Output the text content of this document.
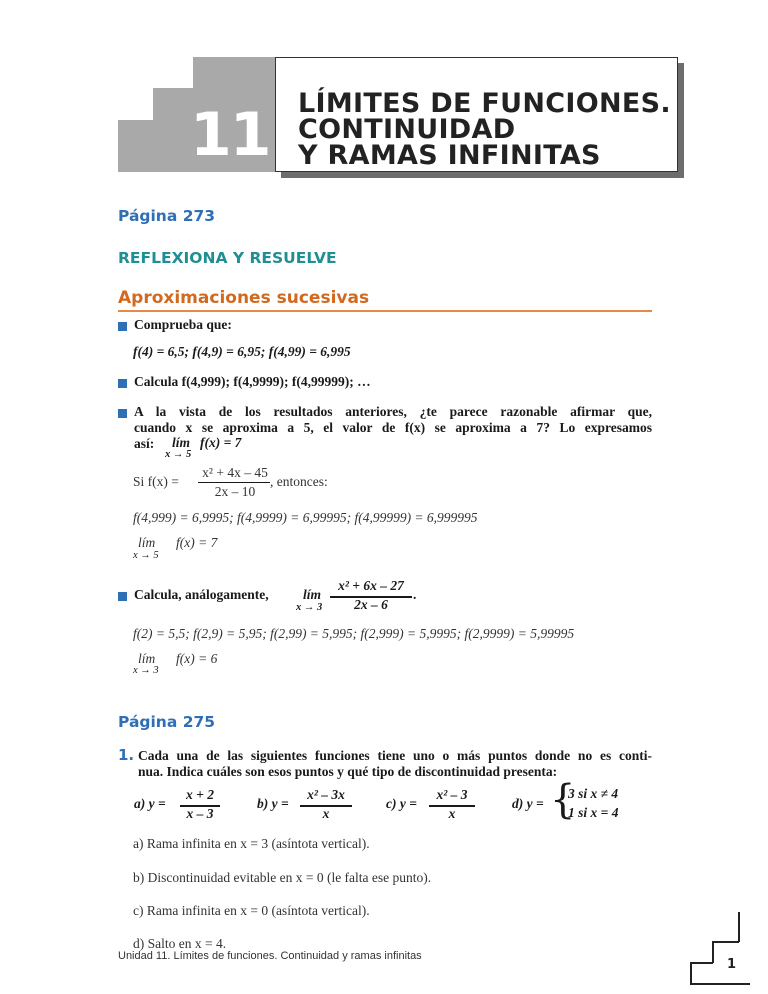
11 LÍMITES DE FUNCIONES.
CONTINUIDAD
Y RAMAS INFINITAS
Página 273
REFLEXIONA Y RESUELVE
Aproximaciones sucesivas
Comprueba que:
f(4) = 6,5; f(4,9) = 6,95; f(4,99) = 6,995
Calcula f(4,999); f(4,9999); f(4,99999); …
A la vista de los resultados anteriores, ¿te parece razonable afirmar que,
cuando x se aproxima a 5, el valor de f(x) se aproxima a 7? Lo expresamos
así: lím
x → 5
f(x) = 7
Si f(x) =
x² + 4x – 45
2x – 10
, entonces:
f(4,999) = 6,9995; f(4,9999) = 6,99995; f(4,99999) = 6,999995
lím
x → 5
f(x) = 7
Calcula, análogamente,	lím
x → 3
x² + 6x – 27
2x – 6
.
f(2) = 5,5; f(2,9) = 5,95; f(2,99) = 5,995; f(2,999) = 5,9995; f(2,9999) = 5,99995
lím
x → 3
f(x) = 6
Página 275
1. Cada una de las siguientes funciones tiene uno o más puntos donde no es conti-
nua. Indica cuáles son esos puntos y qué tipo de discontinuidad presenta:
a) y =
x + 2
x – 3
b) y =
x² – 3x
x
c) y =
x² – 3
x
d) y = {
3 si x ≠ 4
1 si x = 4
a) Rama infinita en x = 3 (asíntota vertical).
b) Discontinuidad evitable en x = 0 (le falta ese punto).
c) Rama infinita en x = 0 (asíntota vertical).
d) Salto en x = 4.
Unidad 11. Límites de funciones. Continuidad y ramas infinitas
1
